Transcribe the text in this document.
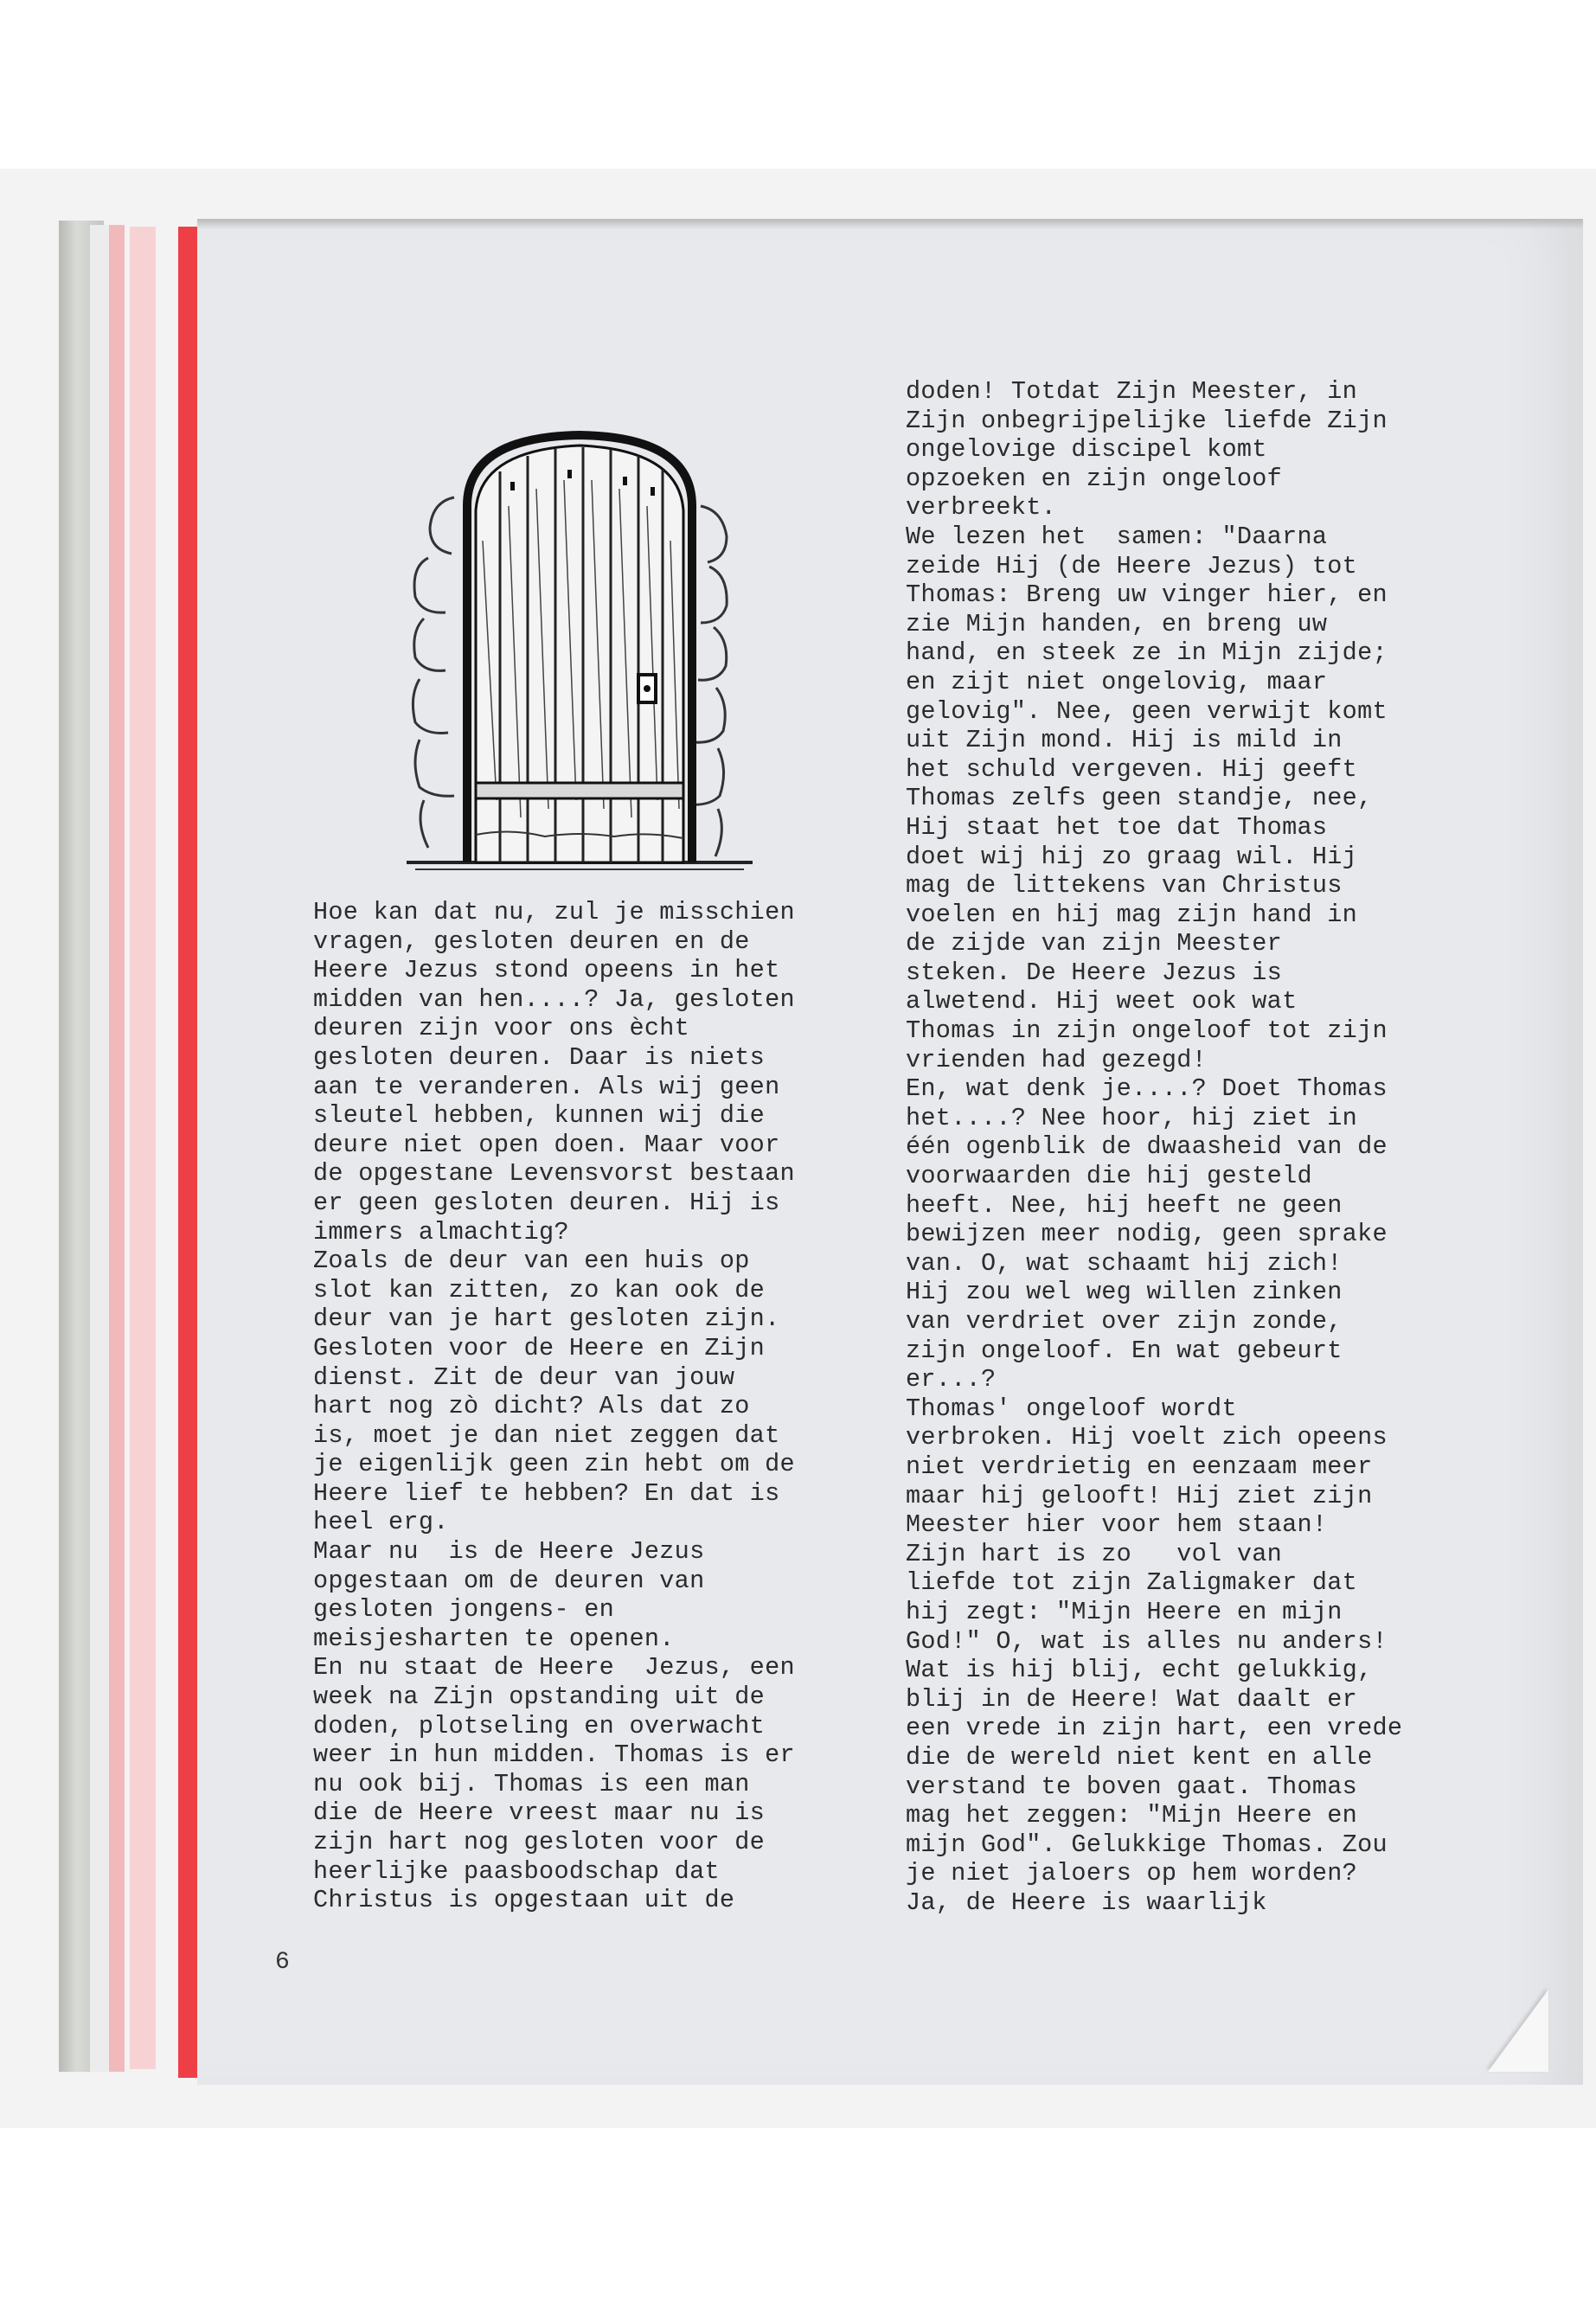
Hoe kan dat nu, zul je misschien
vragen, gesloten deuren en de
Heere Jezus stond opeens in het
midden van hen....? Ja, gesloten
deuren zijn voor ons ècht
gesloten deuren. Daar is niets
aan te veranderen. Als wij geen
sleutel hebben, kunnen wij die
deure niet open doen. Maar voor
de opgestane Levensvorst bestaan
er geen gesloten deuren. Hij is
immers almachtig?
Zoals de deur van een huis op
slot kan zitten, zo kan ook de
deur van je hart gesloten zijn.
Gesloten voor de Heere en Zijn
dienst. Zit de deur van jouw
hart nog zò dicht? Als dat zo
is, moet je dan niet zeggen dat
je eigenlijk geen zin hebt om de
Heere lief te hebben? En dat is
heel erg.
Maar nu  is de Heere Jezus
opgestaan om de deuren van
gesloten jongens- en
meisjesharten te openen.
En nu staat de Heere  Jezus, een
week na Zijn opstanding uit de
doden, plotseling en overwacht
weer in hun midden. Thomas is er
nu ook bij. Thomas is een man
die de Heere vreest maar nu is
zijn hart nog gesloten voor de
heerlijke paasboodschap dat
Christus is opgestaan uit de
doden! Totdat Zijn Meester, in
Zijn onbegrijpelijke liefde Zijn
ongelovige discipel komt
opzoeken en zijn ongeloof
verbreekt.
We lezen het  samen: "Daarna
zeide Hij (de Heere Jezus) tot
Thomas: Breng uw vinger hier, en
zie Mijn handen, en breng uw
hand, en steek ze in Mijn zijde;
en zijt niet ongelovig, maar
gelovig". Nee, geen verwijt komt
uit Zijn mond. Hij is mild in
het schuld vergeven. Hij geeft
Thomas zelfs geen standje, nee,
Hij staat het toe dat Thomas
doet wij hij zo graag wil. Hij
mag de littekens van Christus
voelen en hij mag zijn hand in
de zijde van zijn Meester
steken. De Heere Jezus is
alwetend. Hij weet ook wat
Thomas in zijn ongeloof tot zijn
vrienden had gezegd!
En, wat denk je....? Doet Thomas
het....? Nee hoor, hij ziet in
één ogenblik de dwaasheid van de
voorwaarden die hij gesteld
heeft. Nee, hij heeft ne geen
bewijzen meer nodig, geen sprake
van. O, wat schaamt hij zich!
Hij zou wel weg willen zinken
van verdriet over zijn zonde,
zijn ongeloof. En wat gebeurt
er...?
Thomas' ongeloof wordt
verbroken. Hij voelt zich opeens
niet verdrietig en eenzaam meer
maar hij gelooft! Hij ziet zijn
Meester hier voor hem staan!
Zijn hart is zo   vol van
liefde tot zijn Zaligmaker dat
hij zegt: "Mijn Heere en mijn
God!" O, wat is alles nu anders!
Wat is hij blij, echt gelukkig,
blij in de Heere! Wat daalt er
een vrede in zijn hart, een vrede
die de wereld niet kent en alle
verstand te boven gaat. Thomas
mag het zeggen: "Mijn Heere en
mijn God". Gelukkige Thomas. Zou
je niet jaloers op hem worden?
Ja, de Heere is waarlijk
6
